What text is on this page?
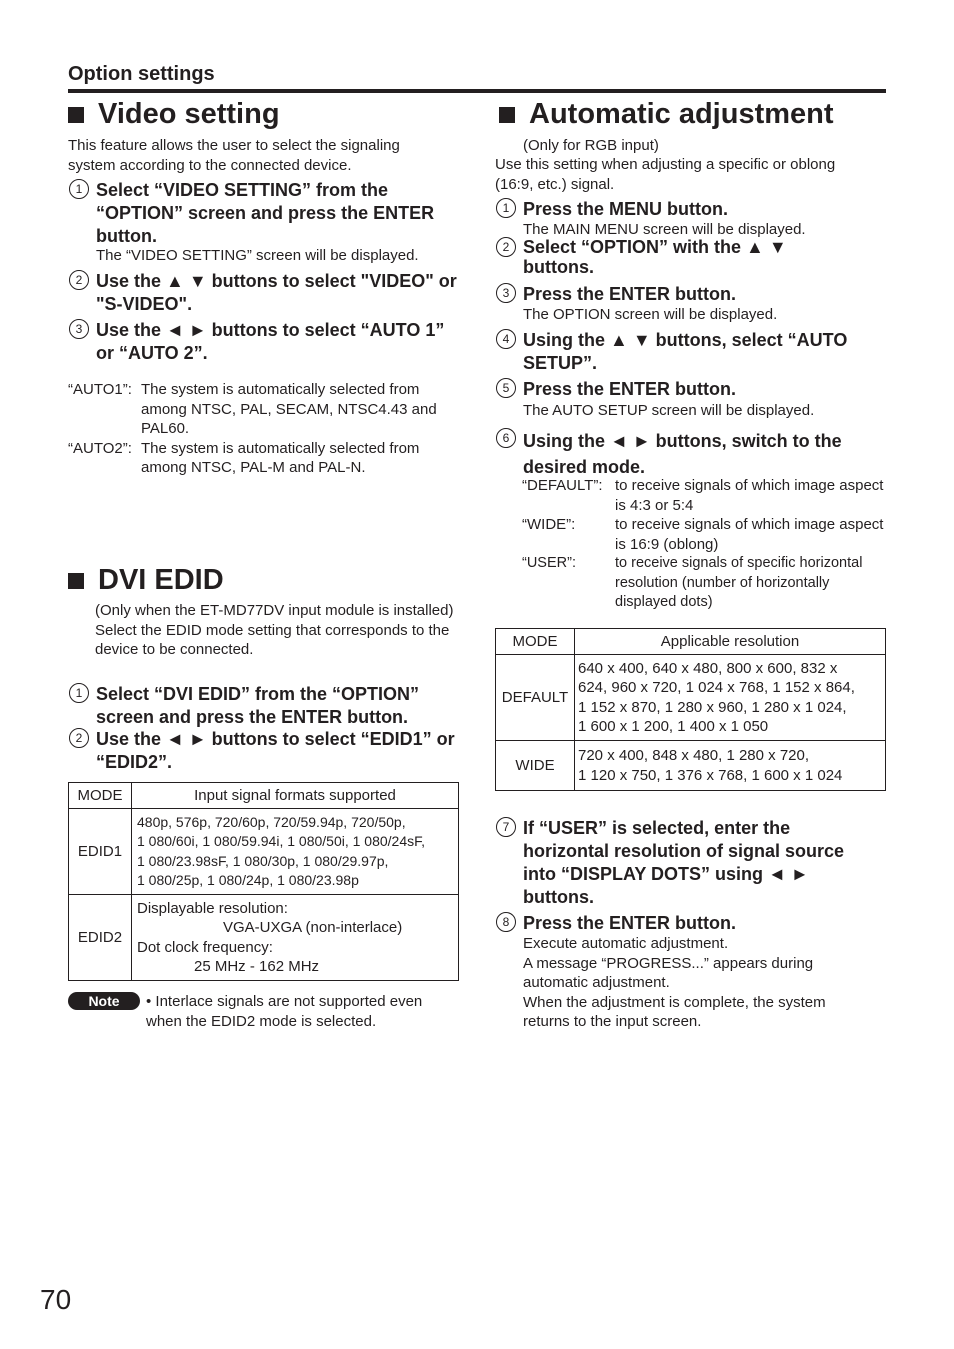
Option settings
Video setting
This feature allows the user to select the signaling system according to the connected device.
1 Select “VIDEO SETTING” from the “OPTION” screen and press the ENTER button.
The “VIDEO SETTING” screen will be displayed.
2 Use the ▲ ▼ buttons to select "VIDEO" or "S-VIDEO".
3 Use the ◄ ► buttons to select “AUTO 1” or “AUTO 2”.
“AUTO1”: The system is automatically selected from among NTSC, PAL, SECAM, NTSC4.43 and PAL60.
“AUTO2”: The system is automatically selected from among NTSC, PAL-M and PAL-N.
DVI EDID
(Only when the ET-MD77DV input module is installed)
Select the EDID mode setting that corresponds to the device to be connected.
1 Select “DVI EDID” from the “OPTION” screen and press the ENTER button.
2 Use the ◄ ► buttons to select “EDID1” or “EDID2”.
MODE	Input signal formats supported
EDID1	480p, 576p, 720/60p, 720/59.94p, 720/50p,
1 080/60i, 1 080/59.94i, 1 080/50i, 1 080/24sF,
1 080/23.98sF, 1 080/30p, 1 080/29.97p,
1 080/25p, 1 080/24p, 1 080/23.98p

EDID2	Displayable resolution:
VGA-UXGA (non-interlace)
Dot clock frequency:
25 MHz - 162 MHz
Note	• Interlace signals are not supported even when the EDID2 mode is selected.
Automatic adjustment
(Only for RGB input)
Use this setting when adjusting a specific or oblong (16:9, etc.) signal.
1 Press the MENU button.
The MAIN MENU screen will be displayed.
2 Select “OPTION” with the ▲ ▼ buttons.
3 Press the ENTER button.
The OPTION screen will be displayed.
4 Using the ▲ ▼ buttons, select “AUTO SETUP”.
5 Press the ENTER button.
The AUTO SETUP screen will be displayed.
6 Using the ◄ ► buttons, switch to the desired mode.
“DEFAULT”: to receive signals of which image aspect is 4:3 or 5:4
“WIDE”:	to receive signals of which image aspect is 16:9 (oblong)
“USER”:	to receive signals of specific horizontal resolution (number of horizontally displayed dots)
MODE	Applicable resolution
DEFAULT	640 x 400, 640 x 480, 800 x 600, 832 x
624, 960 x 720, 1 024 x 768, 1 152 x 864,
1 152 x 870, 1 280 x 960, 1 280 x 1 024,
1 600 x 1 200, 1 400 x 1 050

WIDE	720 x 400, 848 x 480, 1 280 x 720,
1 120 x 750, 1 376 x 768, 1 600 x 1 024
7 If “USER” is selected, enter the horizontal resolution of signal source into “DISPLAY DOTS” using ◄ ► buttons.
8 Press the ENTER button.
Execute automatic adjustment.
A message “PROGRESS...” appears during automatic adjustment.
When the adjustment is complete, the system returns to the input screen.
70
